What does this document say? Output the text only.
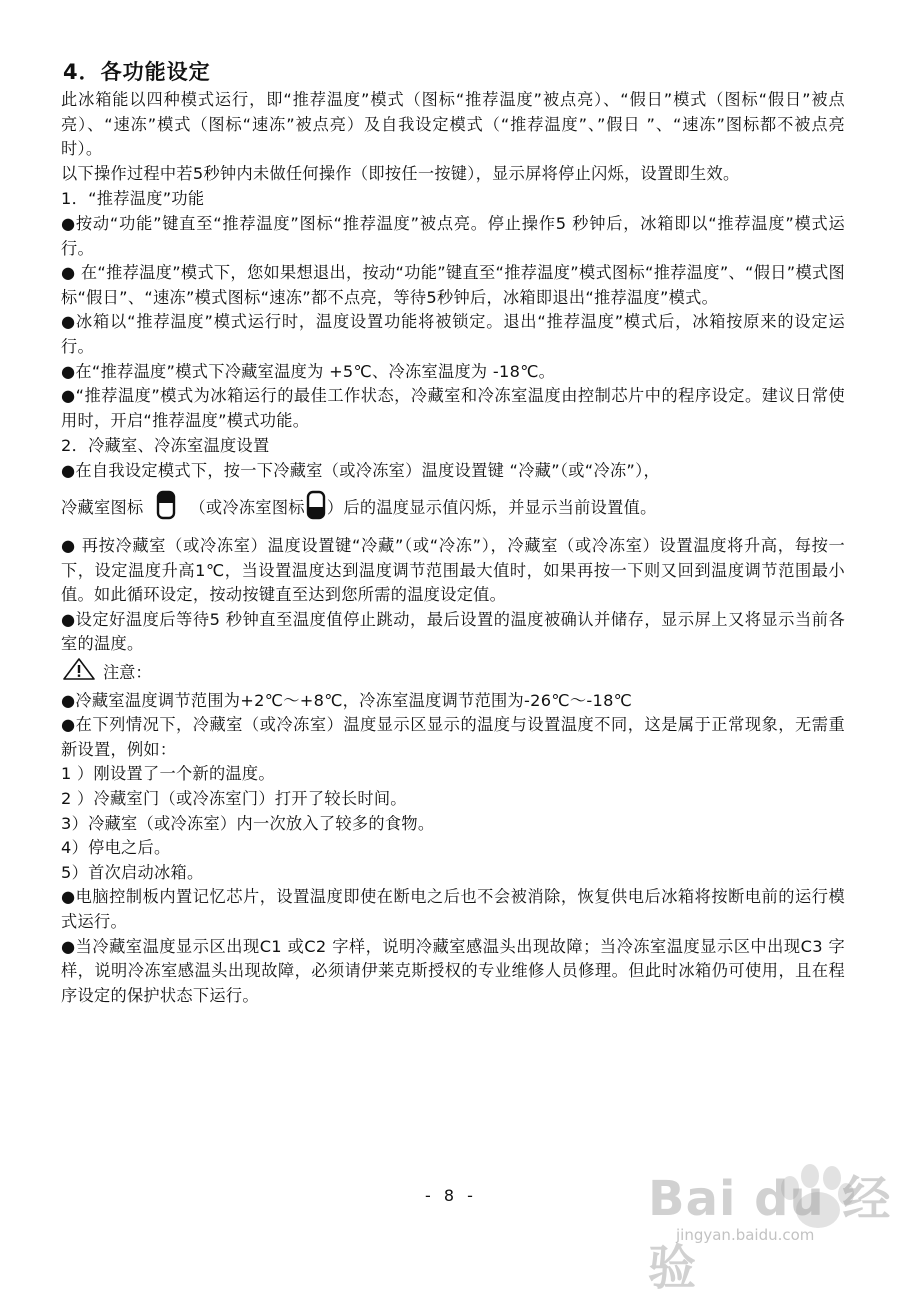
4．各功能设定

此冰箱能以四种模式运行，即“推荐温度”模式（图标“推荐温度”被点亮）、“假日”模式（图标“假日”被点亮）、“速冻”模式（图标“速冻”被点亮）及自我设定模式（“推荐温度”、”假日 ”、“速冻”图标都不被点亮时）。

以下操作过程中若5秒钟内未做任何操作（即按任一按键），显示屏将停止闪烁，设置即生效。

1．“推荐温度”功能

●按动“功能”键直至“推荐温度”图标“推荐温度”被点亮。停止操作5 秒钟后，冰箱即以“推荐温度”模式运行。

● 在“推荐温度”模式下，您如果想退出，按动“功能”键直至“推荐温度”模式图标“推荐温度”、“假日”模式图标“假日”、“速冻”模式图标“速冻”都不点亮，等待5秒钟后，冰箱即退出“推荐温度”模式。

●冰箱以“推荐温度”模式运行时，温度设置功能将被锁定。退出“推荐温度”模式后，冰箱按原来的设定运行。

●在“推荐温度”模式下冷藏室温度为 +5℃、冷冻室温度为 -18℃。

●“推荐温度”模式为冰箱运行的最佳工作状态，冷藏室和冷冻室温度由控制芯片中的程序设定。建议日常使用时，开启“推荐温度”模式功能。

2．冷藏室、冷冻室温度设置

●在自我设定模式下，按一下冷藏室（或冷冻室）温度设置键 “冷藏”（或“冷冻”），

冷藏室图标	（或冷冻室图标 ）后的温度显示值闪烁，并显示当前设置值。

● 再按冷藏室（或冷冻室）温度设置键“冷藏”（或“冷冻”），冷藏室（或冷冻室）设置温度将升高，每按一下，设定温度升高1℃，当设置温度达到温度调节范围最大值时，如果再按一下则又回到温度调节范围最小值。如此循环设定，按动按键直至达到您所需的温度设定值。

●设定好温度后等待5 秒钟直至温度值停止跳动，最后设置的温度被确认并储存，显示屏上又将显示当前各室的温度。

注意：

●冷藏室温度调节范围为+2℃～+8℃，冷冻室温度调节范围为-26℃～-18℃

●在下列情况下，冷藏室（或冷冻室）温度显示区显示的温度与设置温度不同，这是属于正常现象，无需重新设置，例如：

1 ）刚设置了一个新的温度。

2 ）冷藏室门（或冷冻室门）打开了较长时间。

3）冷藏室（或冷冻室）内一次放入了较多的食物。

4）停电之后。

5）首次启动冰箱。

●电脑控制板内置记忆芯片，设置温度即使在断电之后也不会被消除，恢复供电后冰箱将按断电前的运行模式运行。

●当冷藏室温度显示区出现C1 或C2 字样，说明冷藏室感温头出现故障；当冷冻室温度显示区中出现C3 字样，说明冷冻室感温头出现故障，必须请伊莱克斯授权的专业维修人员修理。但此时冰箱仍可使用，且在程序设定的保护状态下运行。

- 8 -	Bai du 经验
jingyan.baidu.com
